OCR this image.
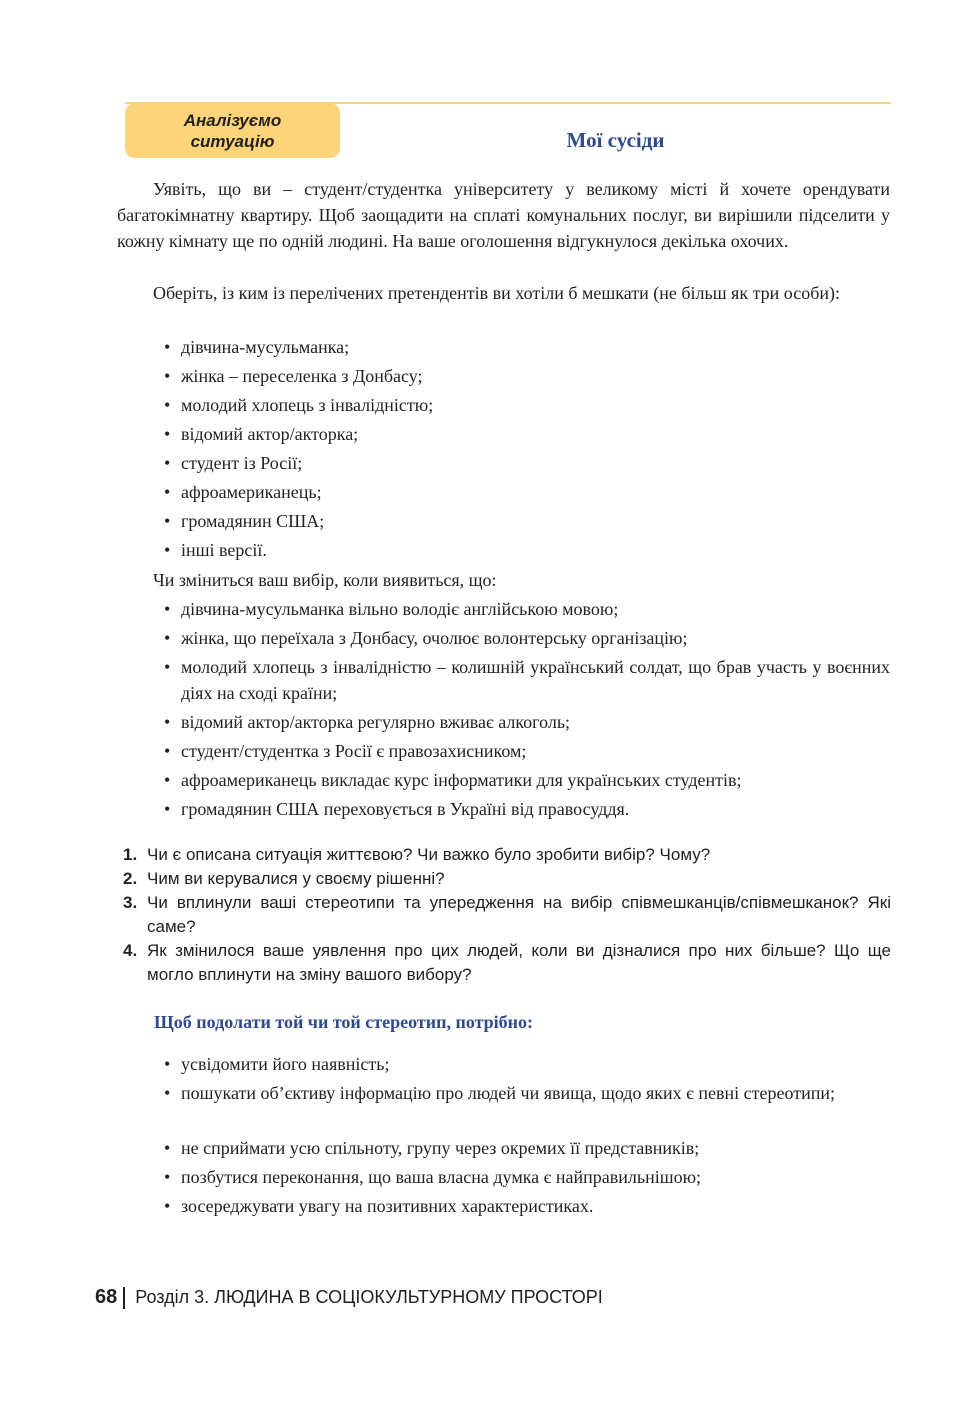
Аналізуємо
ситуацію	Мої сусіди

Уявіть, що ви – студент/студентка університету у великому місті й хочете орендувати багатокімнатну квартиру. Щоб заощадити на сплаті комунальних послуг, ви вирішили підселити у кожну кімнату ще по одній людині. На ваше оголошення відгукнулося декілька охочих.

Оберіть, із ким із перелічених претендентів ви хотіли б мешкати (не більш як три особи):

• дівчина-мусульманка;
• жінка – переселенка з Донбасу;
• молодий хлопець з інвалідністю;
• відомий актор/акторка;
• студент із Росії;
• афроамериканець;
• громадянин США;
• інші версії.

Чи зміниться ваш вибір, коли виявиться, що:

• дівчина-мусульманка вільно володіє англійською мовою;
• жінка, що переїхала з Донбасу, очолює волонтерську організацію;
• молодий хлопець з інвалідністю – колишній український солдат, що брав участь у воєнних діях на сході країни;
• відомий актор/акторка регулярно вживає алкоголь;
• студент/студентка з Росії є правозахисником;
• афроамериканець викладає курс інформатики для українських студентів;
• громадянин США переховується в Україні від правосуддя.
1. Чи є описана ситуація життєвою? Чи важко було зробити вибір? Чому?
2. Чим ви керувалися у своєму рішенні?
3. Чи вплинули ваші стереотипи та упередження на вибір співмешканців/співмешканок? Які саме?
4. Як змінилося ваше уявлення про цих людей, коли ви дізналися про них більше? Що ще могло вплинути на зміну вашого вибору?
Щоб подолати той чи той стереотип, потрібно:
• усвідомити його наявність;
• пошукати об’єктиву інформацію про людей чи явища, щодо яких є певні стереотипи;
• не сприймати усю спільноту, групу через окремих її представників;
• позбутися переконання, що ваша власна думка є найправильнішою;
• зосереджувати увагу на позитивних характеристиках.
68 Розділ 3. ЛЮДИНА В СОЦІОКУЛЬТУРНОМУ ПРОСТОРІ
